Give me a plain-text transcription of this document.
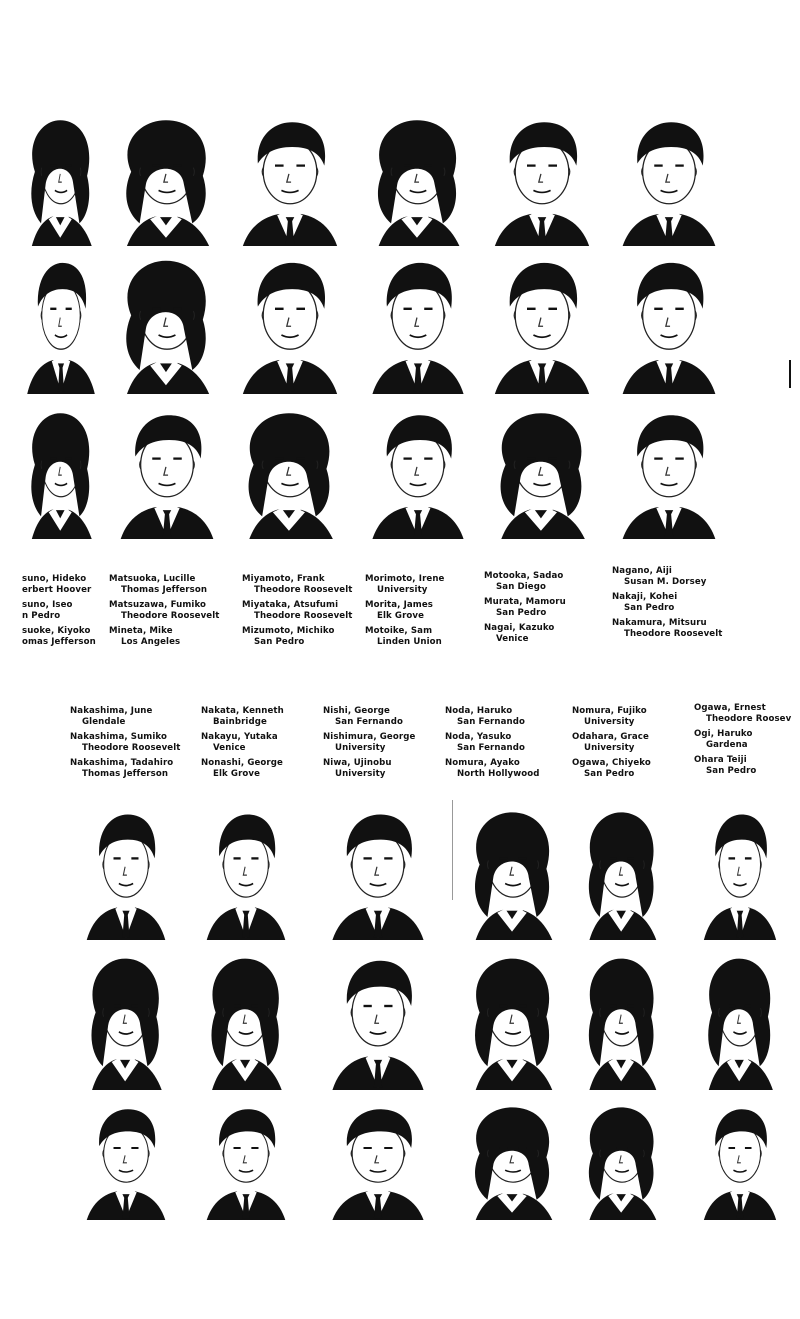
suno, Hideko
erbert Hoover
suno, Iseo
n Pedro
suoke, Kiyoko
omas Jefferson
Matsuoka, Lucille
Thomas Jefferson
Matsuzawa, Fumiko
Theodore Roosevelt
Mineta, Mike
Los Angeles
Miyamoto, Frank
Theodore Roosevelt
Miyataka, Atsufumi
Theodore Roosevelt
Mizumoto, Michiko
San Pedro
Morimoto, Irene
University
Morita, James
Elk Grove
Motoike, Sam
Linden Union
Motooka, Sadao
San Diego
Murata, Mamoru
San Pedro
Nagai, Kazuko
Venice
Nagano, Aiji
Susan M. Dorsey
Nakaji, Kohei
San Pedro
Nakamura, Mitsuru
Theodore Roosevelt
Nakashima, June
Glendale
Nakashima, Sumiko
Theodore Roosevelt
Nakashima, Tadahiro
Thomas Jefferson
Nakata, Kenneth
Bainbridge
Nakayu, Yutaka
Venice
Nonashi, George
Elk Grove
Nishi, George
San Fernando
Nishimura, George
University
Niwa, Ujinobu
University
Noda, Haruko
San Fernando
Noda, Yasuko
San Fernando
Nomura, Ayako
North Hollywood
Nomura, Fujiko
University
Odahara, Grace
University
Ogawa, Chiyeko
San Pedro
Ogawa, Ernest
Theodore Roosev
Ogi, Haruko
Gardena
Ohara Teiji
San Pedro
